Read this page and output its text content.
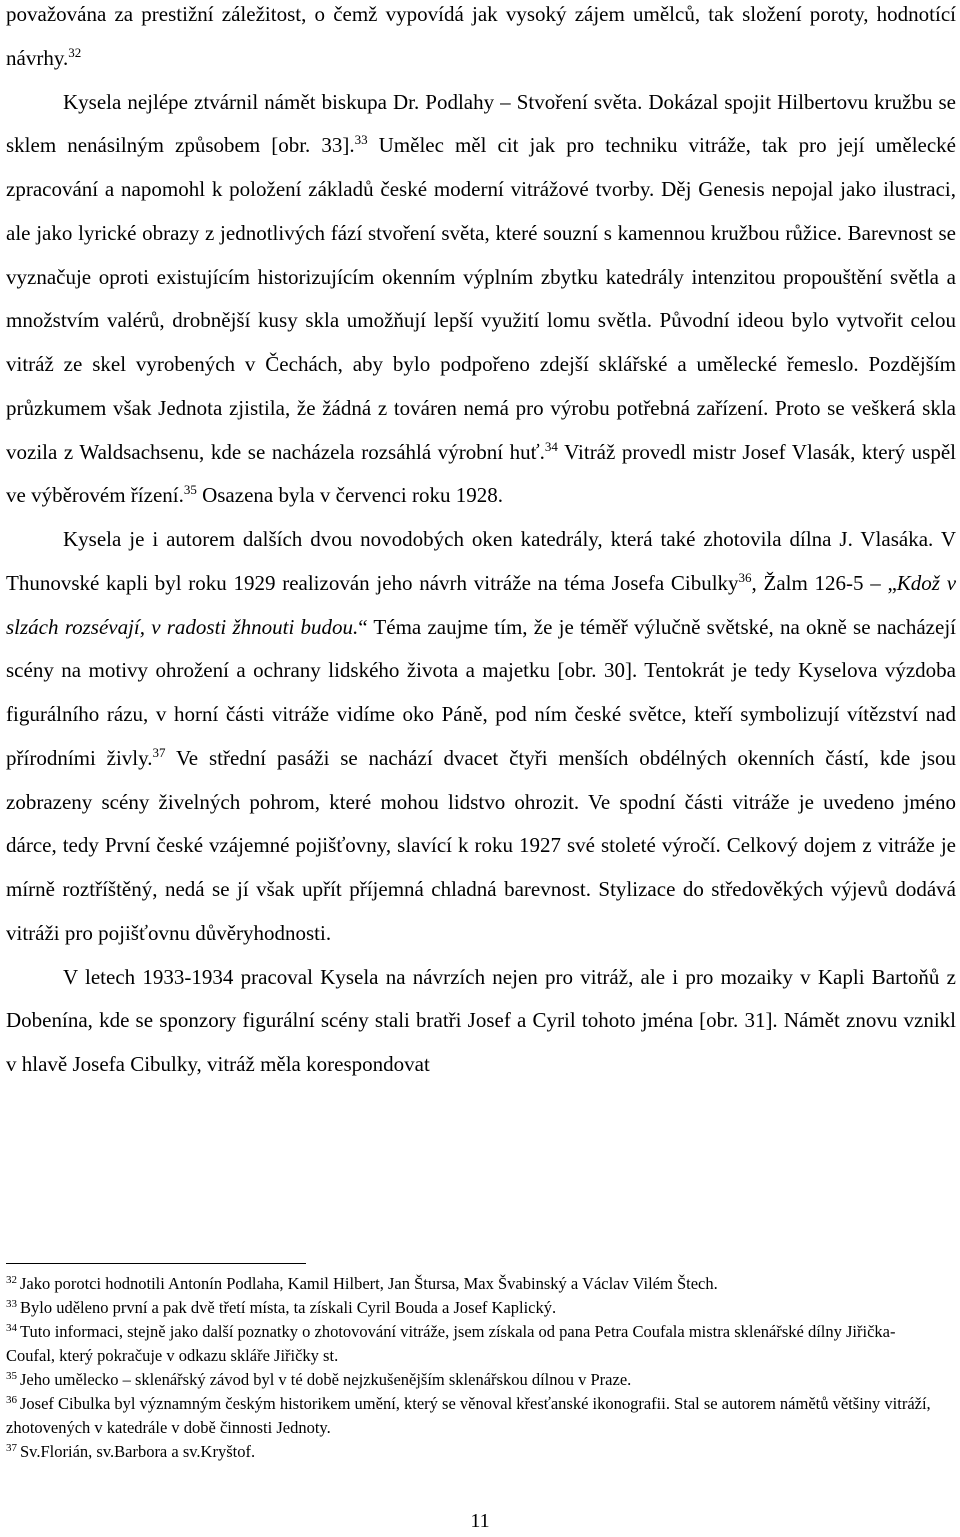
považována za prestižní záležitost, o čemž vypovídá jak vysoký zájem umělců, tak složení poroty, hodnotící návrhy.$^{32}$

Kysela nejlépe ztvárnil námět biskupa Dr. Podlahy – Stvoření světa. Dokázal spojit Hilbertovu kružbu se sklem nenásilným způsobem [obr. 33].$^{33}$ Umělec měl cit jak pro techniku vitráže, tak pro její umělecké zpracování a napomohl k položení základů české moderní vitrážové tvorby. Děj Genesis nepojal jako ilustraci, ale jako lyrické obrazy z jednotlivých fází stvoření světa, které souzní s kamennou kružbou růžice. Barevnost se vyznačuje oproti existujícím historizujícím okenním výplním zbytku katedrály intenzitou propouštění světla a množstvím valérů, drobnější kusy skla umožňují lepší využití lomu světla. Původní ideou bylo vytvořit celou vitráž ze skel vyrobených v Čechách, aby bylo podpořeno zdejší sklářské a umělecké řemeslo. Pozdějším průzkumem však Jednota zjistila, že žádná z továren nemá pro výrobu potřebná zařízení. Proto se veškerá skla vozila z Waldsachsenu, kde se nacházela rozsáhlá výrobní huť.$^{34}$ Vitráž provedl mistr Josef Vlasák, který uspěl ve výběrovém řízení.$^{35}$ Osazena byla v červenci roku 1928.

Kysela je i autorem dalších dvou novodobých oken katedrály, která také zhotovila dílna J. Vlasáka. V Thunovské kapli byl roku 1929 realizován jeho návrh vitráže na téma Josefa Cibulky$^{36}$, Žalm 126-5 – „Kdož v slzách rozsévají, v radosti žhnouti budou.“ Téma zaujme tím, že je téměř výlučně světské, na okně se nacházejí scény na motivy ohrožení a ochrany lidského života a majetku [obr. 30]. Tentokrát je tedy Kyselova výzdoba figurálního rázu, v horní části vitráže vidíme oko Páně, pod ním české světce, kteří symbolizují vítězství nad přírodními živly.$^{37}$ Ve střední pasáži se nachází dvacet čtyři menších obdélných okenních částí, kde jsou zobrazeny scény živelných pohrom, které mohou lidstvo ohrozit. Ve spodní části vitráže je uvedeno jméno dárce, tedy První české vzájemné pojišťovny, slavící k roku 1927 své stoleté výročí. Celkový dojem z vitráže je mírně roztříštěný, nedá se jí však upřít příjemná chladná barevnost. Stylizace do středověkých výjevů dodává vitráži pro pojišťovnu důvěryhodnosti.

V letech 1933-1934 pracoval Kysela na návrzích nejen pro vitráž, ale i pro mozaiky v Kapli Bartoňů z Dobenína, kde se sponzory figurální scény stali bratři Josef a Cyril tohoto jména [obr. 31]. Námět znovu vznikl v hlavě Josefa Cibulky, vitráž měla korespondovat

$^{32}$ Jako porotci hodnotili Antonín Podlaha, Kamil Hilbert, Jan Štursa, Max Švabinský a Václav Vilém Štech.

$^{33}$ Bylo uděleno první a pak dvě třetí místa, ta získali Cyril Bouda a Josef Kaplický.

$^{34}$ Tuto informaci, stejně jako další poznatky o zhotovování vitráže, jsem získala od pana Petra Coufala mistra sklenářské dílny Jiřička-Coufal, který pokračuje v odkazu skláře Jiřičky st.

$^{35}$ Jeho umělecko – sklenářský závod byl v té době nejzkušenějším sklenářskou dílnou v Praze.

$^{36}$ Josef Cibulka byl významným českým historikem umění, který se věnoval křesťanské ikonografii. Stal se autorem námětů většiny vitráží, zhotovených v katedrále v době činnosti Jednoty.

$^{37}$ Sv.Florián, sv.Barbora a sv.Kryštof.

11
